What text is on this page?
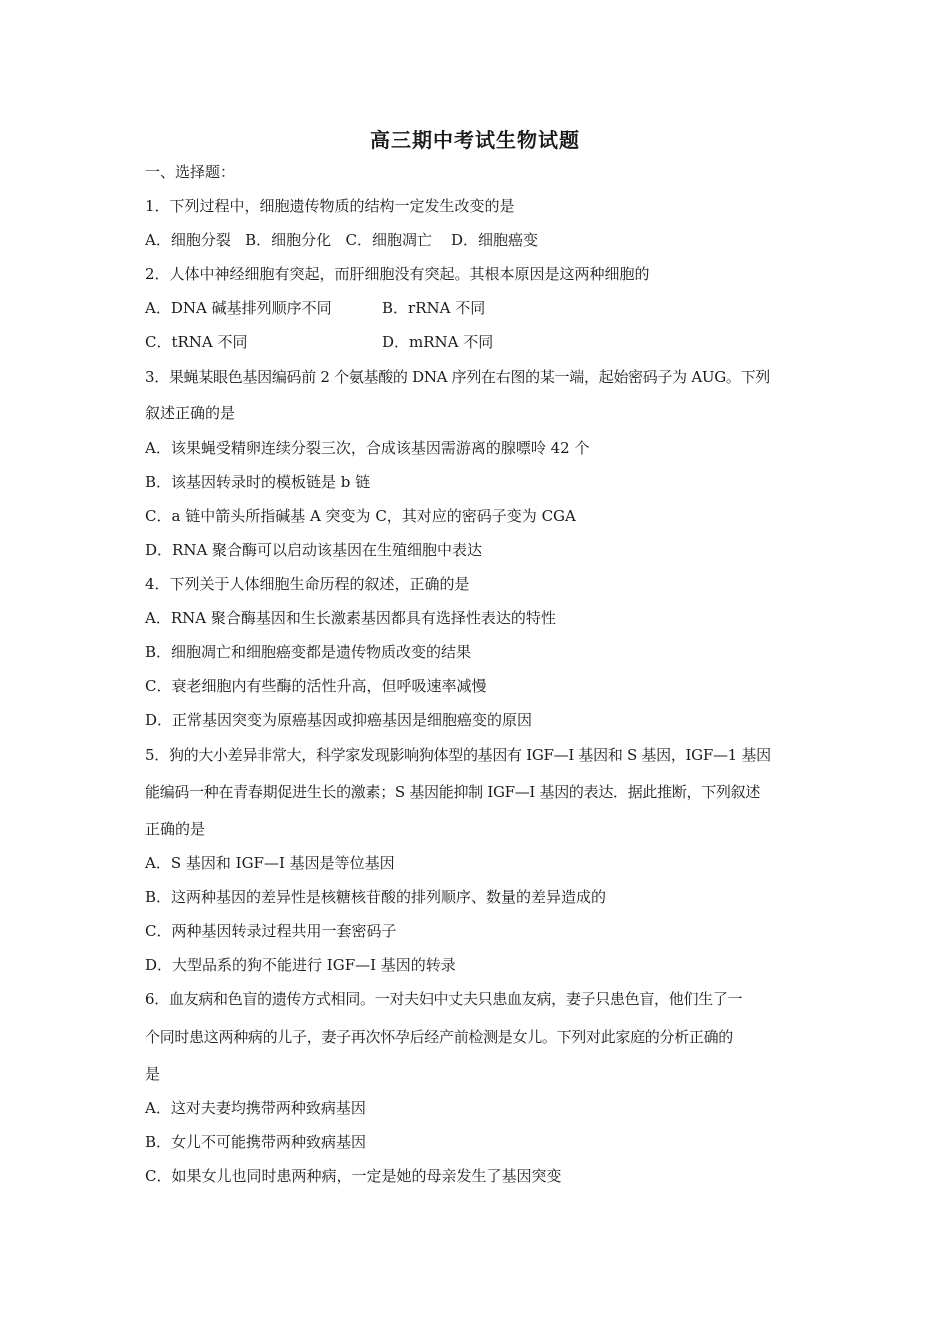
高三期中考试生物试题

一、选择题：

1．下列过程中，细胞遗传物质的结构一定发生改变的是

A．细胞分裂   B．细胞分化   C．细胞凋亡    D．细胞癌变

2．人体中神经细胞有突起，而肝细胞没有突起。其根本原因是这两种细胞的

A．DNA 碱基排列顺序不同	B．rRNA 不同

C．tRNA 不同	D．mRNA 不同

3．果蝇某眼色基因编码前 2 个氨基酸的 DNA 序列在右图的某一端，起始密码子为 AUG。下列

叙述正确的是

A．该果蝇受精卵连续分裂三次，合成该基因需游离的腺嘌呤 42 个

B．该基因转录时的模板链是 b 链

C．a 链中箭头所指碱基 A 突变为 C，其对应的密码子变为 CGA

D．RNA 聚合酶可以启动该基因在生殖细胞中表达

4．下列关于人体细胞生命历程的叙述，正确的是

A．RNA 聚合酶基因和生长激素基因都具有选择性表达的特性

B．细胞凋亡和细胞癌变都是遗传物质改变的结果

C．衰老细胞内有些酶的活性升高，但呼吸速率减慢

D．正常基因突变为原癌基因或抑癌基因是细胞癌变的原因

5．狗的大小差异非常大，科学家发现影响狗体型的基因有 IGF—I 基因和 S 基因，IGF—1 基因

能编码一种在青春期促进生长的激素；S 基因能抑制 IGF—I 基因的表达．据此推断，下列叙述

正确的是

A．S 基因和 IGF—I 基因是等位基因

B．这两种基因的差异性是核糖核苷酸的排列顺序、数量的差异造成的

C．两种基因转录过程共用一套密码子

D．大型品系的狗不能进行 IGF—I 基因的转录

6．血友病和色盲的遗传方式相同。一对夫妇中丈夫只患血友病，妻子只患色盲，他们生了一

个同时患这两种病的儿子，妻子再次怀孕后经产前检测是女儿。下列对此家庭的分析正确的

是

A．这对夫妻均携带两种致病基因

B．女儿不可能携带两种致病基因

C．如果女儿也同时患两种病，一定是她的母亲发生了基因突变
